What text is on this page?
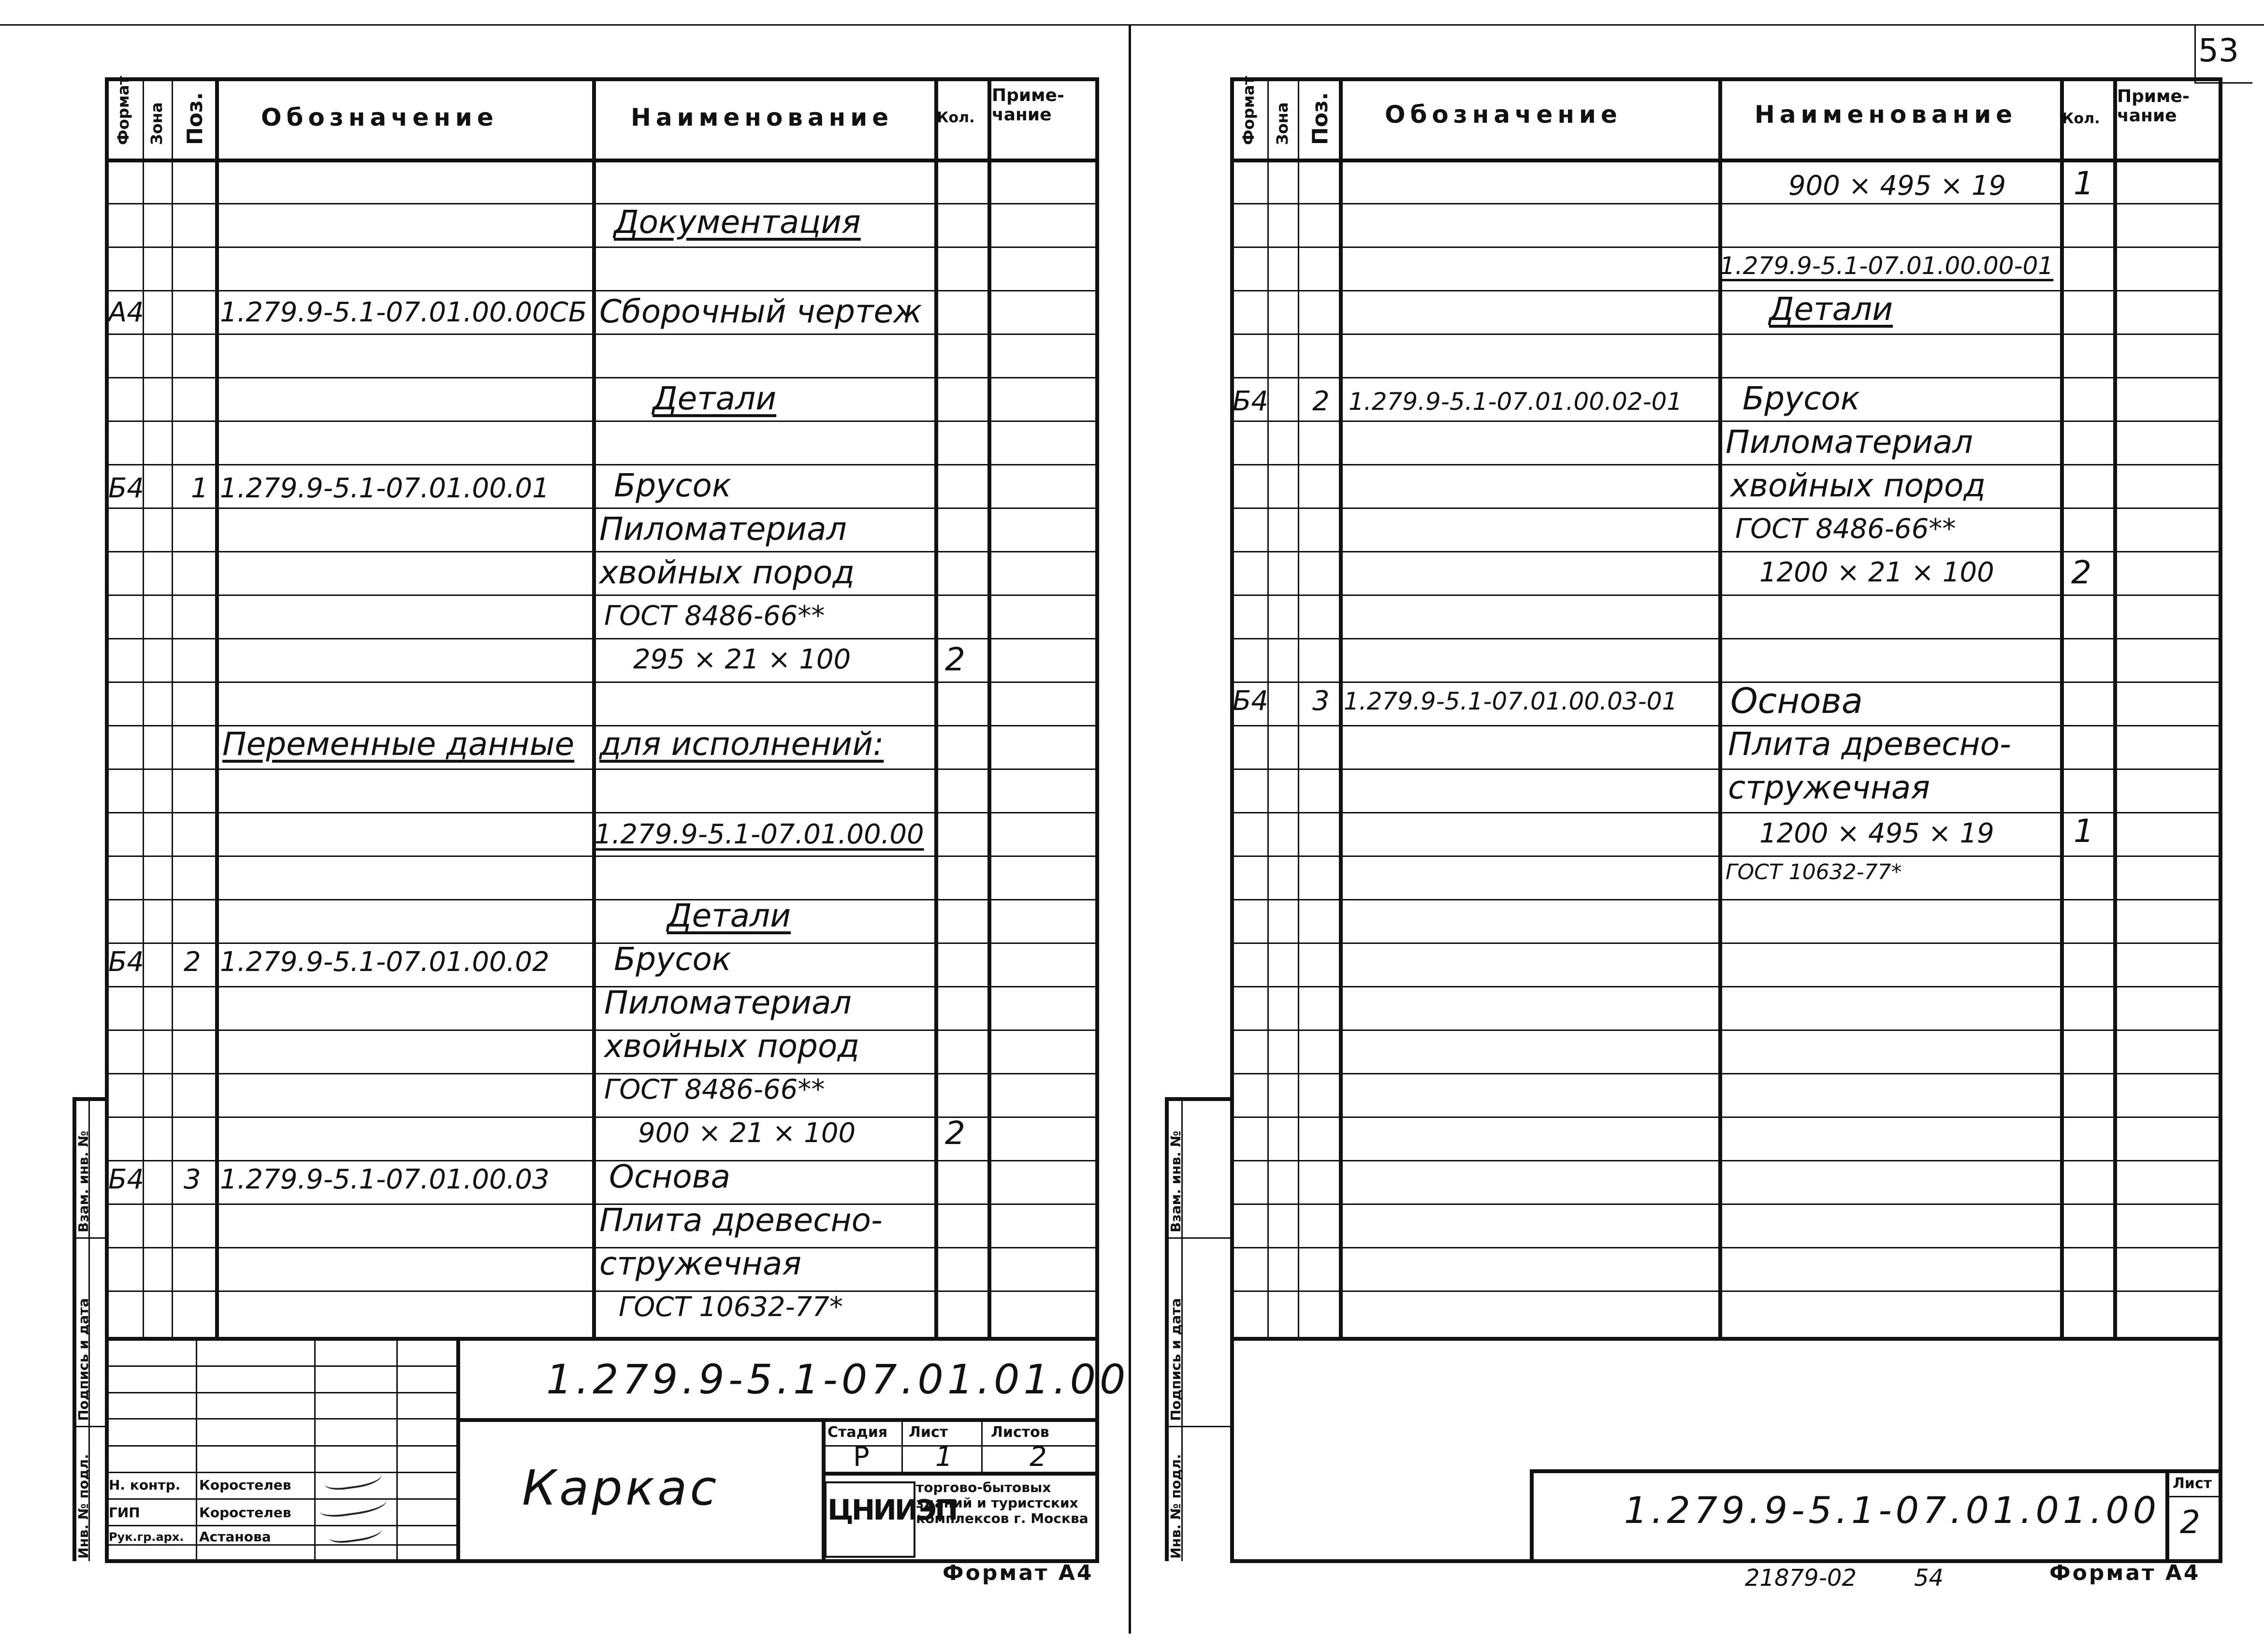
53
Формат Зона Поз. Обозначение	Наименование	Кол.
Приме- чание
Документация
А4	1.279.9-5.1-07.01.00.00СБ Сборочный чертеж
Детали
Б4 1 1.279.9-5.1-07.01.00.01 Брусок
Пиломатериал
хвойных пород
ГОСТ 8486-66**
295 × 21 × 100	2
Переменные данные для исполнений:
1.279.9-5.1-07.01.00.00
Детали
Б4 2 1.279.9-5.1-07.01.00.02 Брусок
Пиломатериал
хвойных пород
ГОСТ 8486-66**
900 × 21 × 100	2
Б4 3 1.279.9-5.1-07.01.00.03 Основа
Плита древесно-
стружечная
ГОСТ 10632-77*
Инв. № подл.
Подпись и дата
Взам. инв. №
1.279.9-5.1-07.01.01.00
Каркас
Стадия Лист	Листов
Р 1	2
ЦНИИЭП
торгово-бытовых зданий и туристских комплексов г. Москва
Н. контр.
ГИП
Рук.гр.арх.
Коростелев
Коростелев
Астанова
Формат А4
Формат Зона Поз. Обозначение	Наименование	Кол.
Приме- чание
900 × 495 × 19 1
1.279.9-5.1-07.01.00.00-01
Детали
Б4 2 1.279.9-5.1-07.01.00.02-01 Брусок
Пиломатериал
хвойных пород
ГОСТ 8486-66**
1200 × 21 × 100 2
Б4 3 1.279.9-5.1-07.01.00.03-01 Основа
Плита древесно-
стружечная
1200 × 495 × 19 1
ГОСТ 10632-77*
Инв. № подл.
Подпись и дата
Взам. инв. №
1.279.9-5.1-07.01.01.00
Лист
2
21879-02 54	Формат А4
